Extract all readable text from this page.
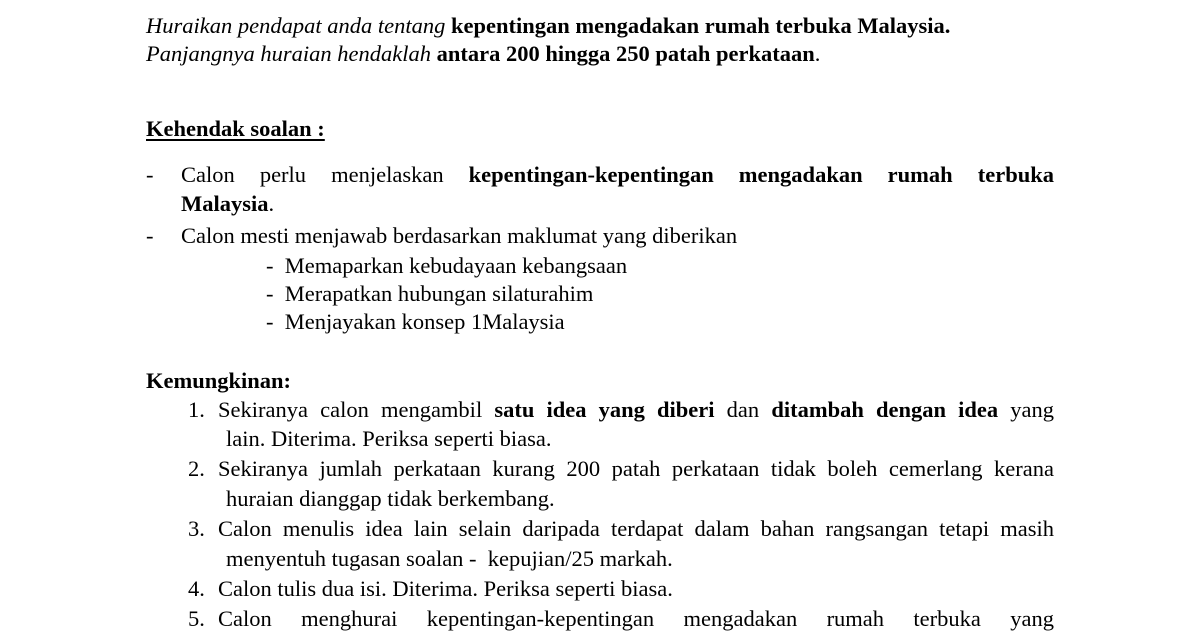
Huraikan pendapat anda tentang kepentingan mengadakan rumah terbuka Malaysia.
Panjangnya huraian hendaklah antara 200 hingga 250 patah perkataan.
Kehendak soalan :
- Calon perlu menjelaskan kepentingan-kepentingan mengadakan rumah terbuka
Malaysia.
- Calon mesti menjawab berdasarkan maklumat yang diberikan
- Memaparkan kebudayaan kebangsaan
- Merapatkan hubungan silaturahim
- Menjayakan konsep 1Malaysia
Kemungkinan:
1. Sekiranya calon mengambil satu idea yang diberi dan ditambah dengan idea yang
lain. Diterima. Periksa seperti biasa.
2. Sekiranya jumlah perkataan kurang 200 patah perkataan tidak boleh cemerlang kerana
huraian dianggap tidak berkembang.
3. Calon menulis idea lain selain daripada terdapat dalam bahan rangsangan tetapi masih
menyentuh tugasan soalan -  kepujian/25 markah.
4. Calon tulis dua isi. Diterima. Periksa seperti biasa.
5. Calon menghurai kepentingan-kepentingan mengadakan rumah terbuka yang
